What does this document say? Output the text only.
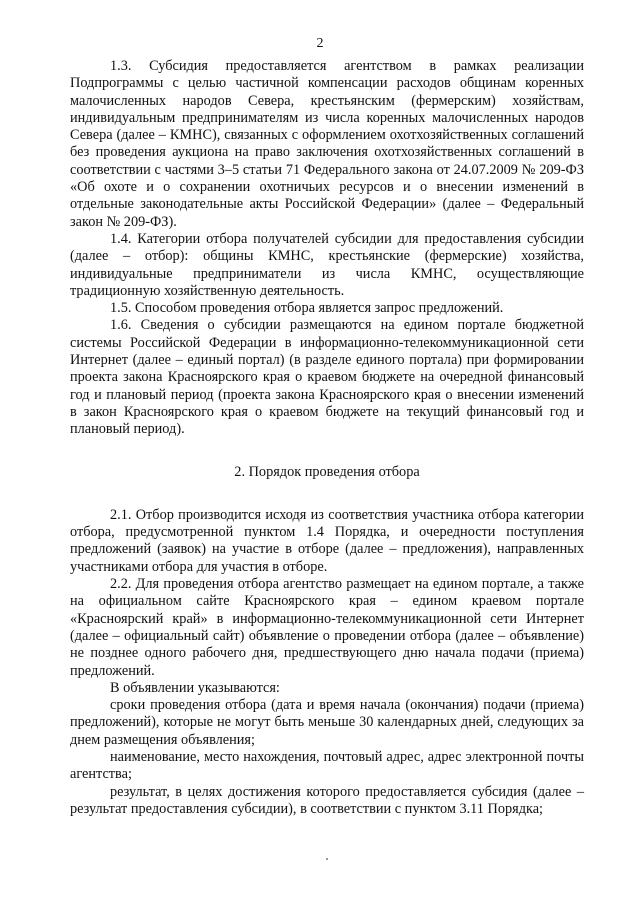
2

1.3. Субсидия предоставляется агентством в рамках реализации Подпрограммы с целью частичной компенсации расходов общинам коренных малочисленных народов Севера, крестьянским (фермерским) хозяйствам, индивидуальным предпринимателям из числа коренных малочисленных народов Севера (далее – КМНС), связанных с оформлением охотхозяйственных соглашений без проведения аукциона на право заключения охотхозяйственных соглашений в соответствии с частями 3–5 статьи 71 Федерального закона от 24.07.2009 № 209-ФЗ «Об охоте и о сохранении охотничьих ресурсов и о внесении изменений в отдельные законодательные акты Российской Федерации» (далее – Федеральный закон № 209-ФЗ).

1.4. Категории отбора получателей субсидии для предоставления субсидии (далее – отбор): общины КМНС, крестьянские (фермерские) хозяйства, индивидуальные предприниматели из числа КМНС, осуществляющие традиционную хозяйственную деятельность.

1.5. Способом проведения отбора является запрос предложений.

1.6. Сведения о субсидии размещаются на едином портале бюджетной системы Российской Федерации в информационно-телекоммуникационной сети Интернет (далее – единый портал) (в разделе единого портала) при формировании проекта закона Красноярского края о краевом бюджете на очередной финансовый год и плановый период (проекта закона Красноярского края о внесении изменений в закон Красноярского края о краевом бюджете на текущий финансовый год и плановый период).

2. Порядок проведения отбора

2.1. Отбор производится исходя из соответствия участника отбора категории отбора, предусмотренной пунктом 1.4 Порядка, и очередности поступления предложений (заявок) на участие в отборе (далее – предложения), направленных участниками отбора для участия в отборе.

2.2. Для проведения отбора агентство размещает на едином портале, а также на официальном сайте Красноярского края – едином краевом портале «Красноярский край» в информационно-телекоммуникационной сети Интернет (далее – официальный сайт) объявление о проведении отбора (далее – объявление) не позднее одного рабочего дня, предшествующего дню начала подачи (приема) предложений.

В объявлении указываются:

сроки проведения отбора (дата и время начала (окончания) подачи (приема) предложений), которые не могут быть меньше 30 календарных дней, следующих за днем размещения объявления;

наименование, место нахождения, почтовый адрес, адрес электронной почты агентства;

результат, в целях достижения которого предоставляется субсидия (далее – результат предоставления субсидии), в соответствии с пунктом 3.11 Порядка;
